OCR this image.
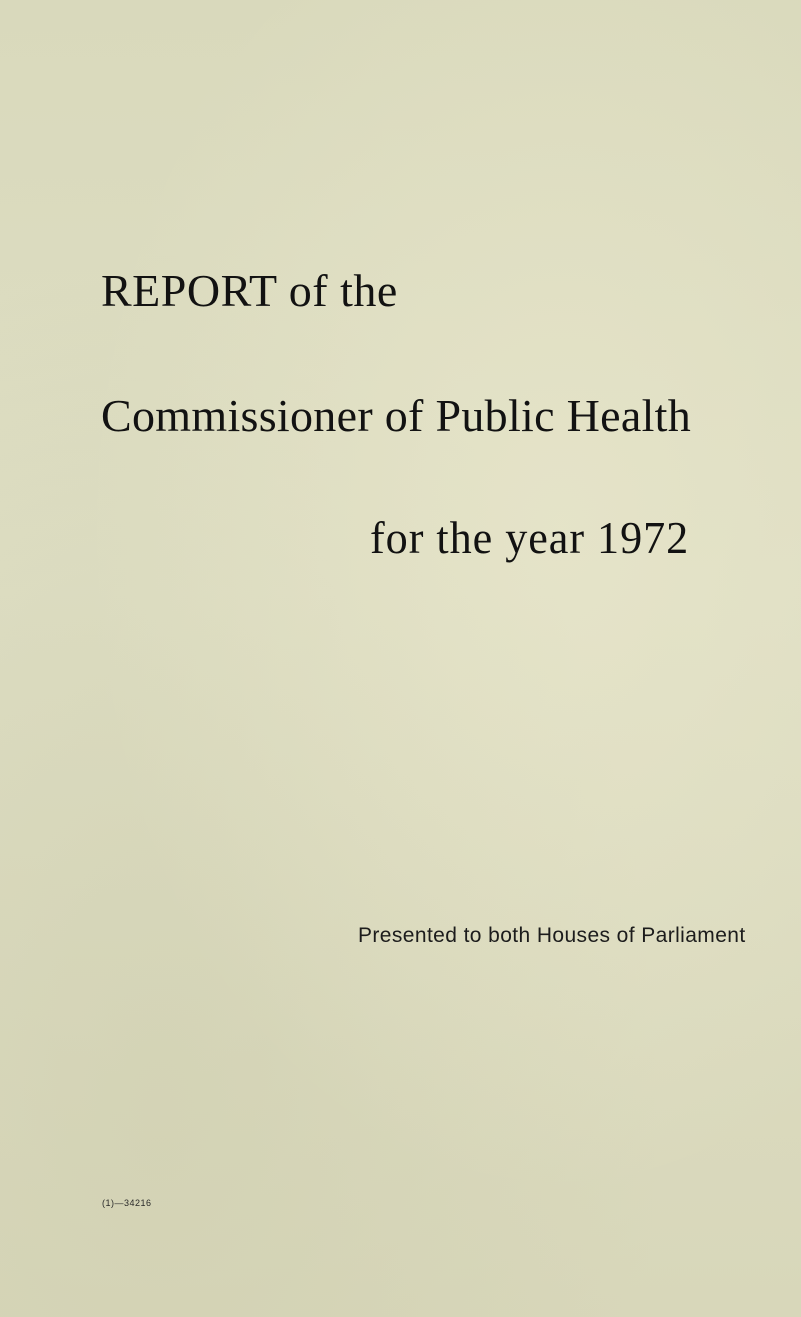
REPORT of the
Commissioner of Public Health
for the year 1972

Presented to both Houses of Parliament

(1)—34216
